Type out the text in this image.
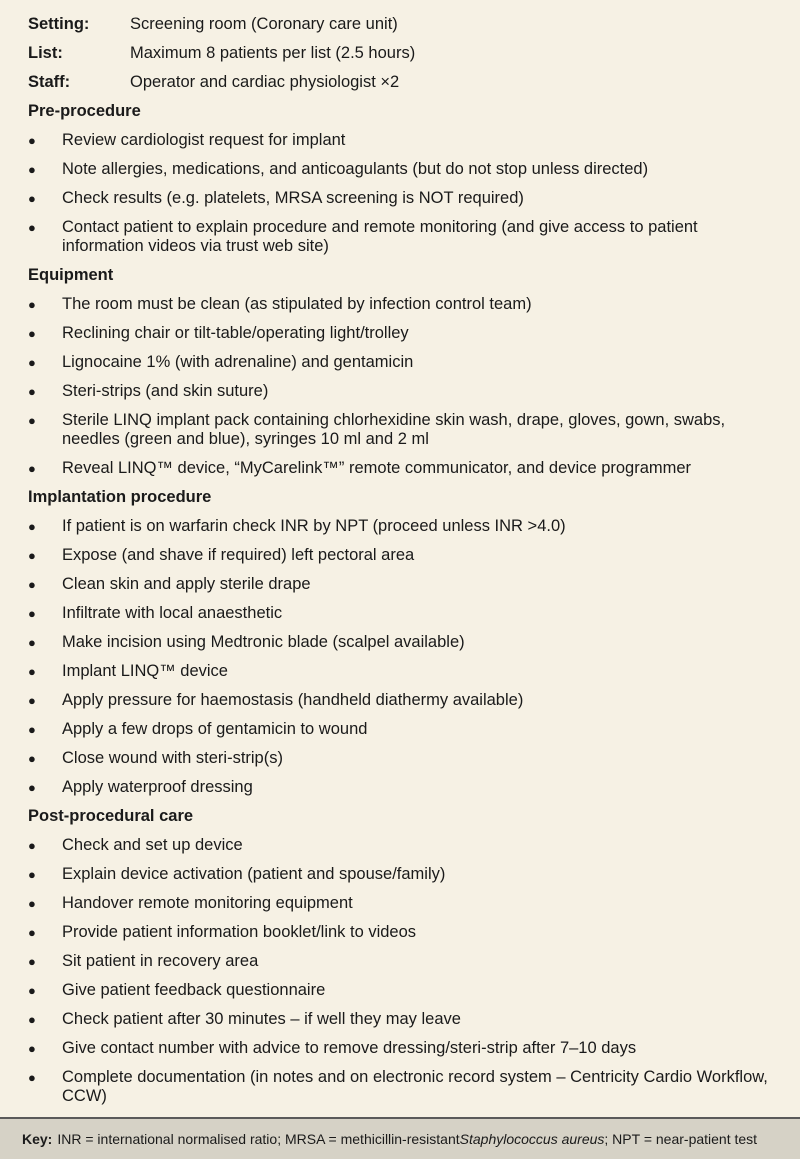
Setting:	Screening room (Coronary care unit)
List:	Maximum 8 patients per list (2.5 hours)
Staff:	Operator and cardiac physiologist ×2
Pre-procedure
●	Review cardiologist request for implant
●	Note allergies, medications, and anticoagulants (but do not stop unless directed)
●	Check results (e.g. platelets, MRSA screening is NOT required)
●	Contact patient to explain procedure and remote monitoring (and give access to patient information videos via trust web site)
Equipment
●	The room must be clean (as stipulated by infection control team)
●	Reclining chair or tilt-table/operating light/trolley
●	Lignocaine 1% (with adrenaline) and gentamicin
●	Steri-strips (and skin suture)
●	Sterile LINQ implant pack containing chlorhexidine skin wash, drape, gloves, gown, swabs, needles (green and blue), syringes 10 ml and 2 ml
●	Reveal LINQ™ device, “MyCarelink™” remote communicator, and device programmer
Implantation procedure
●	If patient is on warfarin check INR by NPT (proceed unless INR >4.0)
●	Expose (and shave if required) left pectoral area
●	Clean skin and apply sterile drape
●	Infiltrate with local anaesthetic
●	Make incision using Medtronic blade (scalpel available)
●	Implant LINQ™ device
●	Apply pressure for haemostasis (handheld diathermy available)
●	Apply a few drops of gentamicin to wound
●	Close wound with steri-strip(s)
●	Apply waterproof dressing
Post-procedural care
●	Check and set up device
●	Explain device activation (patient and spouse/family)
●	Handover remote monitoring equipment
●	Provide patient information booklet/link to videos
●	Sit patient in recovery area
●	Give patient feedback questionnaire
●	Check patient after 30 minutes – if well they may leave
●	Give contact number with advice to remove dressing/steri-strip after 7–10 days
●	Complete documentation (in notes and on electronic record system – Centricity Cardio Workflow, CCW)
Key: INR = international normalised ratio; MRSA = methicillin-resistant Staphylococcus aureus ; NPT = near-patient test
